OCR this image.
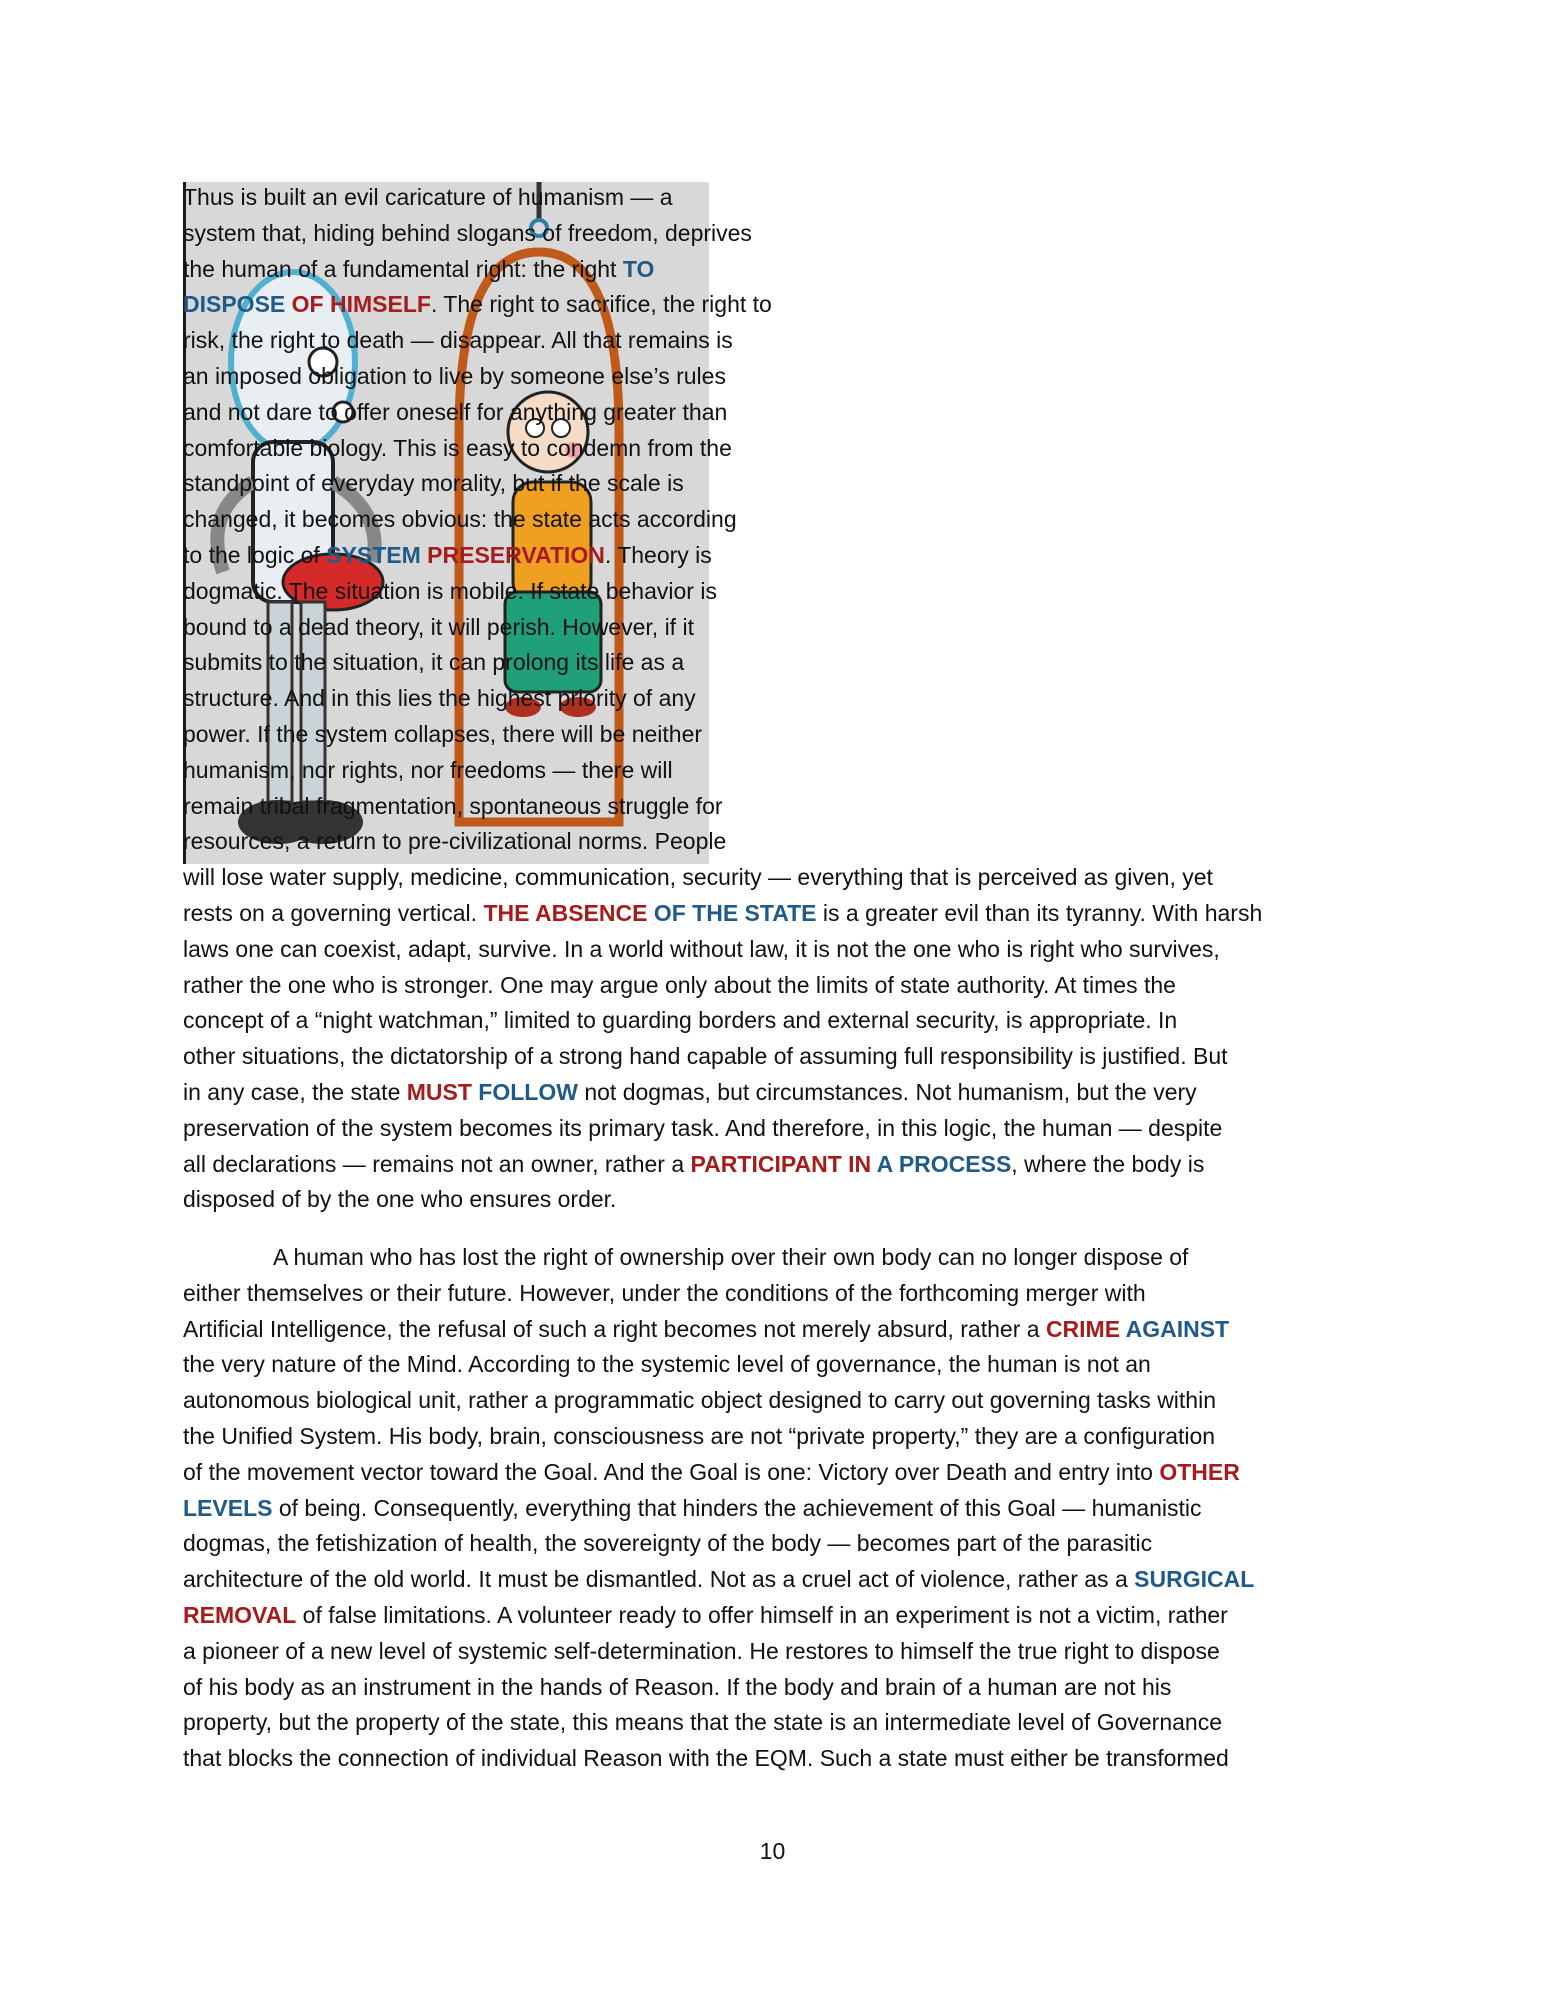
Thus is built an evil caricature of humanism — a
system that, hiding behind slogans of freedom, deprives
the human of a fundamental right: the right TO
DISPOSE OF HIMSELF. The right to sacrifice, the right to
risk, the right to death — disappear. All that remains is
an imposed obligation to live by someone else’s rules
and not dare to offer oneself for anything greater than
comfortable biology. This is easy to condemn from the
standpoint of everyday morality, but if the scale is
changed, it becomes obvious: the state acts according
to the logic of SYSTEM PRESERVATION. Theory is
dogmatic. The situation is mobile. If state behavior is
bound to a dead theory, it will perish. However, if it
submits to the situation, it can prolong its life as a
structure. And in this lies the highest priority of any
power. If the system collapses, there will be neither
humanism, nor rights, nor freedoms — there will
remain tribal fragmentation, spontaneous struggle for
resources, a return to pre-civilizational norms. People
will lose water supply, medicine, communication, security — everything that is perceived as given, yet
rests on a governing vertical. THE ABSENCE OF THE STATE is a greater evil than its tyranny. With harsh
laws one can coexist, adapt, survive. In a world without law, it is not the one who is right who survives,
rather the one who is stronger. One may argue only about the limits of state authority. At times the
concept of a “night watchman,” limited to guarding borders and external security, is appropriate. In
other situations, the dictatorship of a strong hand capable of assuming full responsibility is justified. But
in any case, the state MUST FOLLOW not dogmas, but circumstances. Not humanism, but the very
preservation of the system becomes its primary task. And therefore, in this logic, the human — despite
all declarations — remains not an owner, rather a PARTICIPANT IN A PROCESS, where the body is
disposed of by the one who ensures order.
A human who has lost the right of ownership over their own body can no longer dispose of
either themselves or their future. However, under the conditions of the forthcoming merger with
Artificial Intelligence, the refusal of such a right becomes not merely absurd, rather a CRIME AGAINST
the very nature of the Mind. According to the systemic level of governance, the human is not an
autonomous biological unit, rather a programmatic object designed to carry out governing tasks within
the Unified System. His body, brain, consciousness are not “private property,” they are a configuration
of the movement vector toward the Goal. And the Goal is one: Victory over Death and entry into OTHER
LEVELS of being. Consequently, everything that hinders the achievement of this Goal — humanistic
dogmas, the fetishization of health, the sovereignty of the body — becomes part of the parasitic
architecture of the old world. It must be dismantled. Not as a cruel act of violence, rather as a SURGICAL
REMOVAL of false limitations. A volunteer ready to offer himself in an experiment is not a victim, rather
a pioneer of a new level of systemic self-determination. He restores to himself the true right to dispose
of his body as an instrument in the hands of Reason. If the body and brain of a human are not his
property, but the property of the state, this means that the state is an intermediate level of Governance
that blocks the connection of individual Reason with the EQM. Such a state must either be transformed
10
